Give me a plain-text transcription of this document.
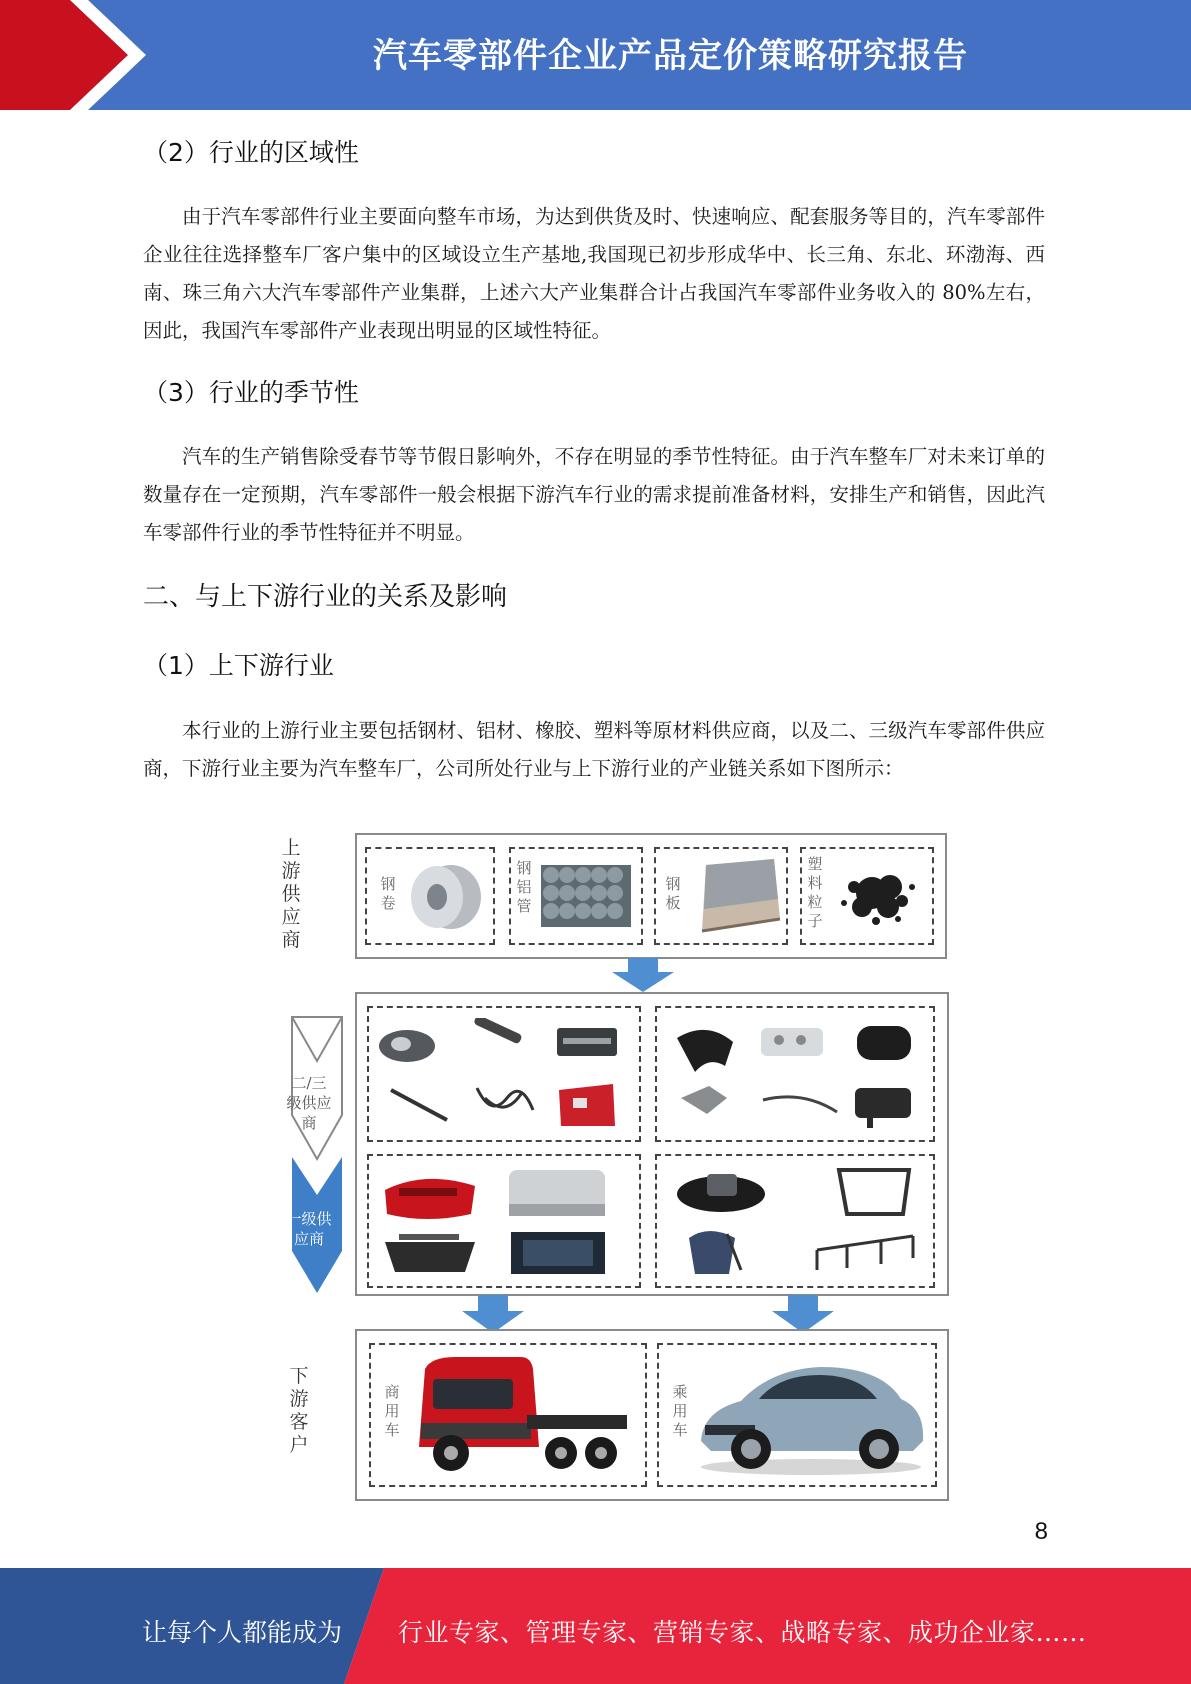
汽车零部件企业产品定价策略研究报告
（2）行业的区域性
由于汽车零部件行业主要面向整车市场，为达到供货及时、快速响应、配套服务等目的，汽车零部件企业往往选择整车厂客户集中的区域设立生产基地,我国现已初步形成华中、长三角、东北、环渤海、西南、珠三角六大汽车零部件产业集群，上述六大产业集群合计占我国汽车零部件业务收入的 80%左右，因此，我国汽车零部件产业表现出明显的区域性特征。
（3）行业的季节性
汽车的生产销售除受春节等节假日影响外，不存在明显的季节性特征。由于汽车整车厂对未来订单的数量存在一定预期，汽车零部件一般会根据下游汽车行业的需求提前准备材料，安排生产和销售，因此汽车零部件行业的季节性特征并不明显。
二、与上下游行业的关系及影响
（1）上下游行业
本行业的上游行业主要包括钢材、铝材、橡胶、塑料等原材料供应商，以及二、三级汽车零部件供应商，下游行业主要为汽车整车厂，公司所处行业与上下游行业的产业链关系如下图所示：
上游供应商
钢卷
钢铝管
钢板
塑料粒子
二/三级供应商
一级供应商
下游客户
商用车
乘用车
8
让每个人都能成为 行业专家、管理专家、营销专家、战略专家、成功企业家……
